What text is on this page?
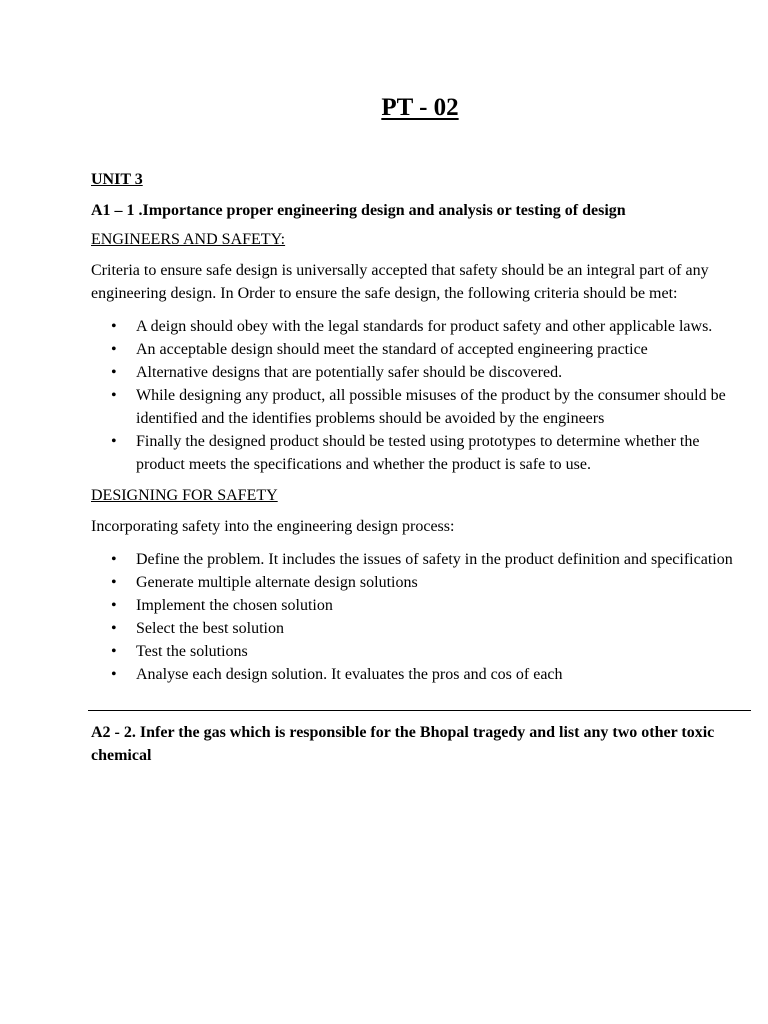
PT - 02
UNIT 3
A1 – 1 .Importance proper engineering design and analysis or testing of design
ENGINEERS AND SAFETY:
Criteria to ensure safe design is universally accepted that safety should be an integral part of any engineering design. In Order to ensure the safe design, the following criteria should be met:
• A deign should obey with the legal standards for product safety and other applicable laws.
• An acceptable design should meet the standard of accepted engineering practice
• Alternative designs that are potentially safer should be discovered.
• While designing any product, all possible misuses of the product by the consumer should be identified and the identifies problems should be avoided by the engineers
• Finally the designed product should be tested using prototypes to determine whether the product meets the specifications and whether the product is safe to use.
DESIGNING FOR SAFETY
Incorporating safety into the engineering design process:
• Define the problem. It includes the issues of safety in the product definition and specification
• Generate multiple alternate design solutions
• Implement the chosen solution
• Select the best solution
• Test the solutions
• Analyse each design solution. It evaluates the pros and cos of each
A2 - 2. Infer the gas which is responsible for the Bhopal tragedy and list any two other toxic chemical
